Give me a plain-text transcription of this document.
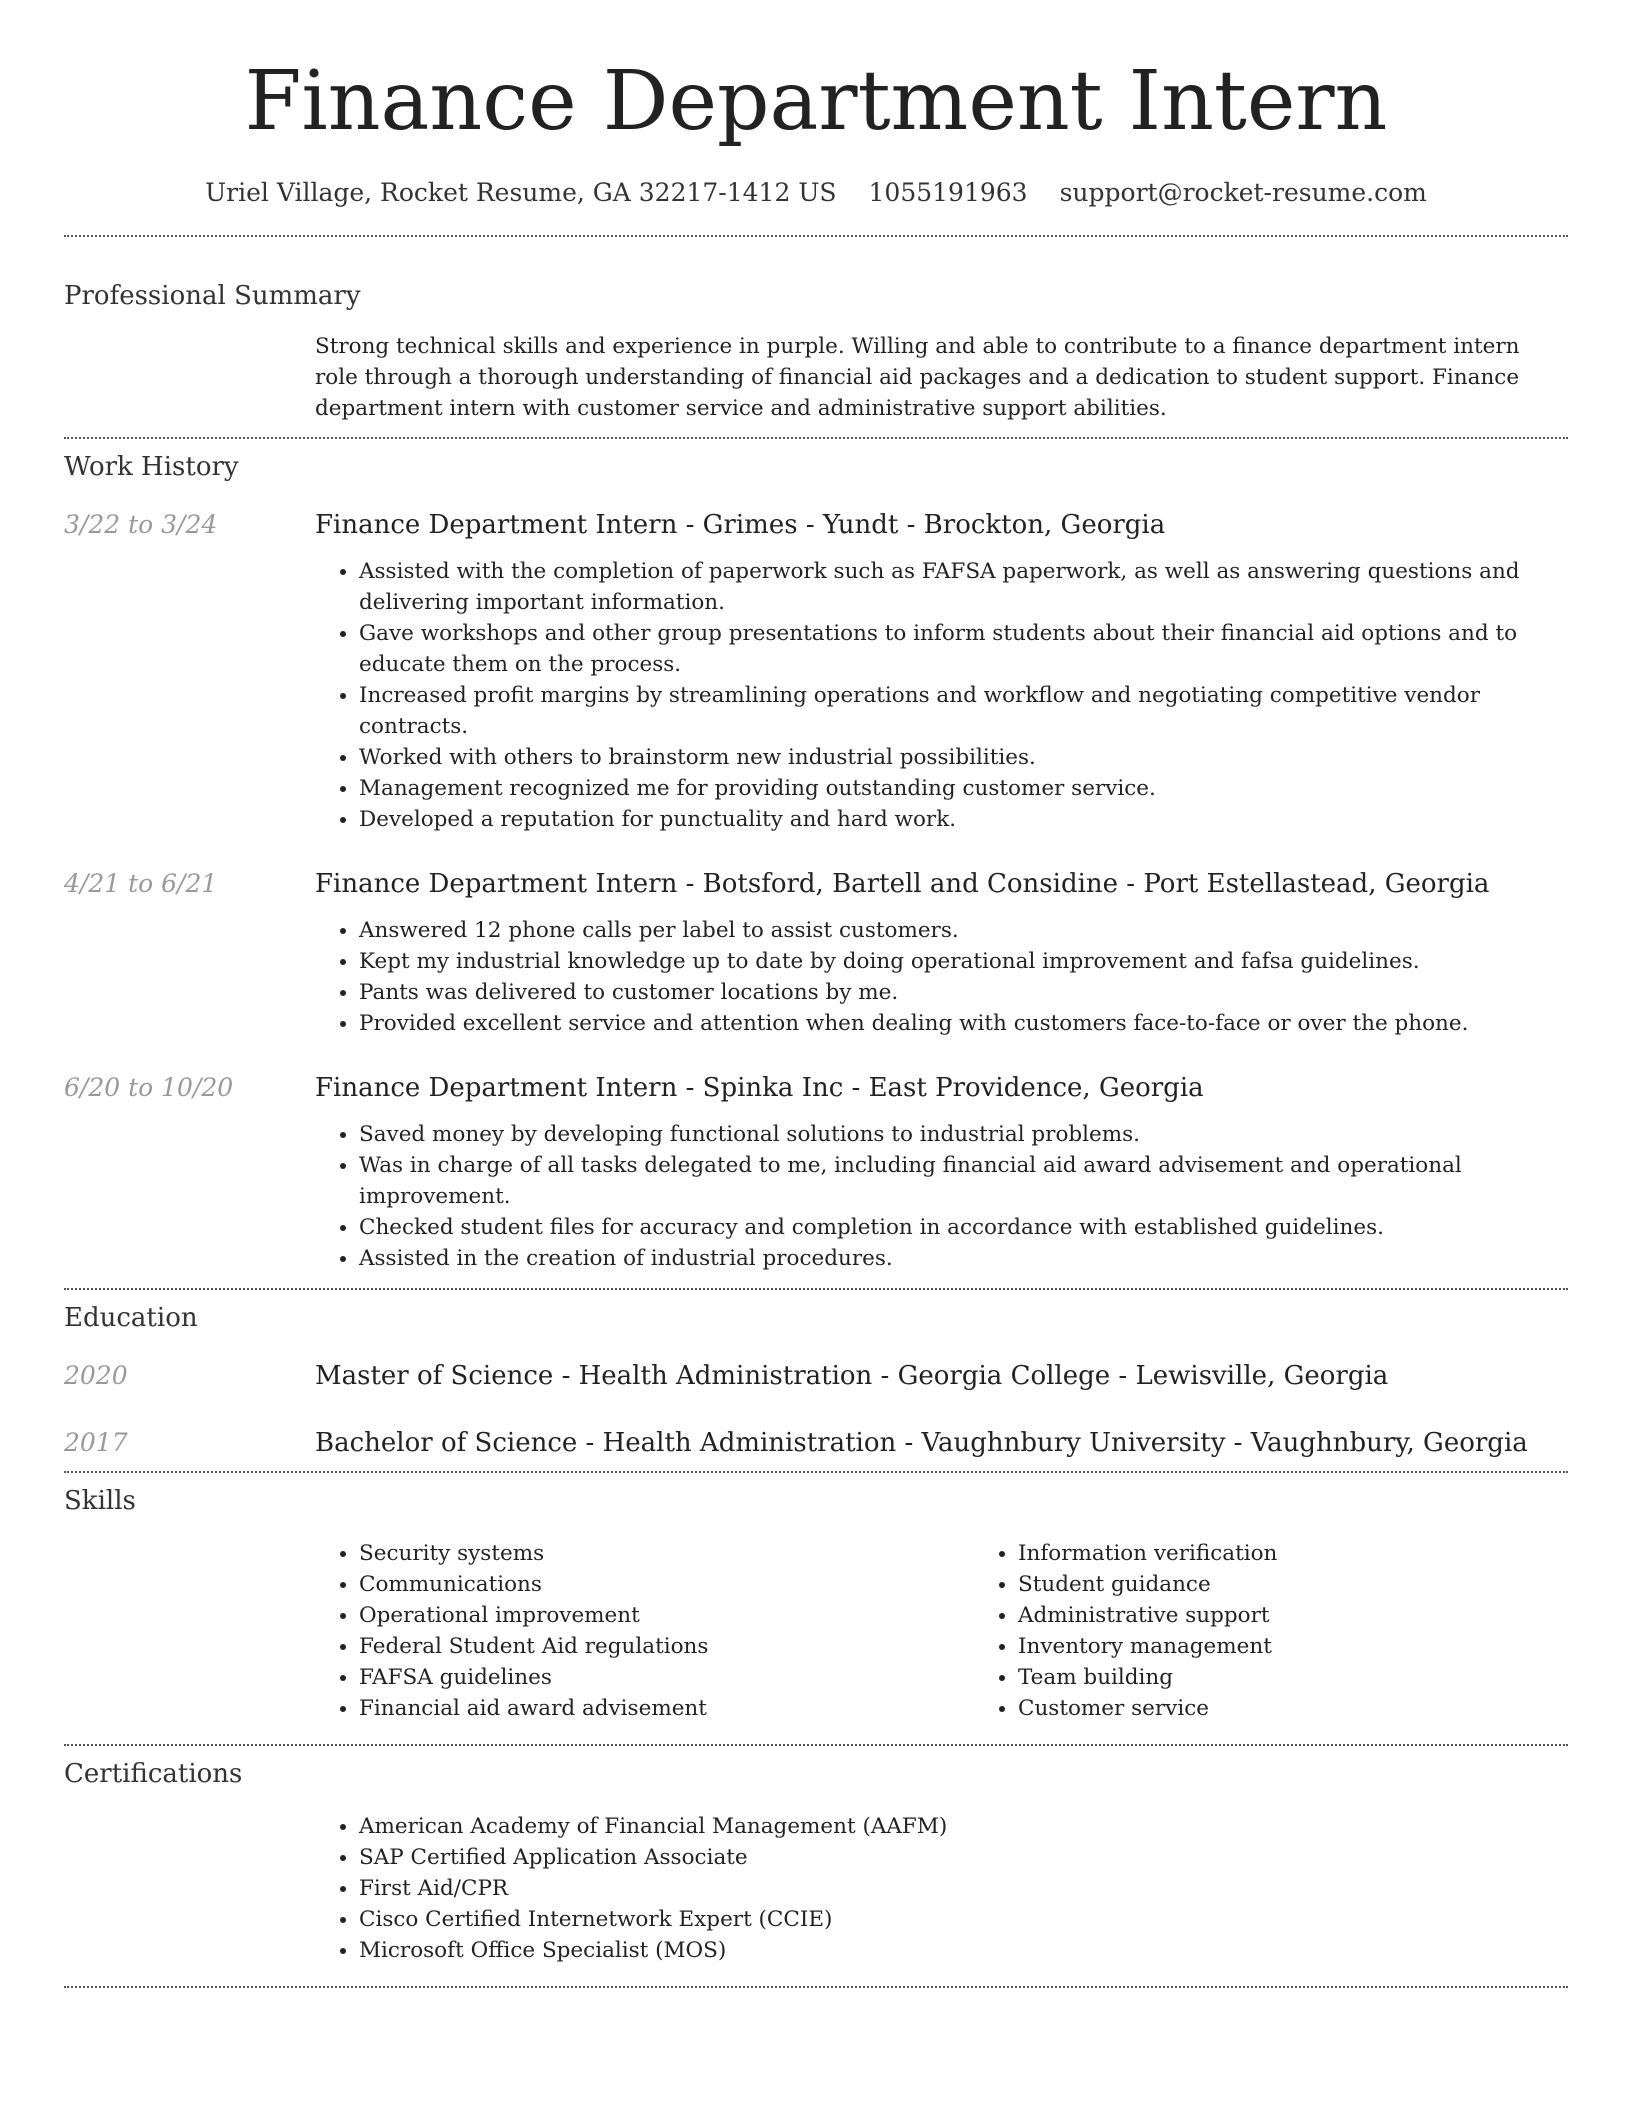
Finance Department Intern
Uriel Village, Rocket Resume, GA 32217-1412 US 1055191963 support@rocket-resume.com
Professional Summary
Strong technical skills and experience in purple. Willing and able to contribute to a finance department intern role through a thorough understanding of financial aid packages and a dedication to student support. Finance department intern with customer service and administrative support abilities.
Work History
3/22 to 3/24	Finance Department Intern - Grimes - Yundt - Brockton, Georgia
• Assisted with the completion of paperwork such as FAFSA paperwork, as well as answering questions and delivering important information.
• Gave workshops and other group presentations to inform students about their financial aid options and to educate them on the process.
• Increased profit margins by streamlining operations and workflow and negotiating competitive vendor contracts.
• Worked with others to brainstorm new industrial possibilities.
• Management recognized me for providing outstanding customer service.
• Developed a reputation for punctuality and hard work.
4/21 to 6/21	Finance Department Intern - Botsford, Bartell and Considine - Port Estellastead, Georgia
• Answered 12 phone calls per label to assist customers.
• Kept my industrial knowledge up to date by doing operational improvement and fafsa guidelines.
• Pants was delivered to customer locations by me.
• Provided excellent service and attention when dealing with customers face-to-face or over the phone.
6/20 to 10/20	Finance Department Intern - Spinka Inc - East Providence, Georgia
• Saved money by developing functional solutions to industrial problems.
• Was in charge of all tasks delegated to me, including financial aid award advisement and operational improvement.
• Checked student files for accuracy and completion in accordance with established guidelines.
• Assisted in the creation of industrial procedures.
Education
2020	Master of Science - Health Administration - Georgia College - Lewisville, Georgia
2017	Bachelor of Science - Health Administration - Vaughnbury University - Vaughnbury, Georgia
Skills
• Security systems
• Communications
• Operational improvement
• Federal Student Aid regulations
• FAFSA guidelines
• Financial aid award advisement
• Information verification
• Student guidance
• Administrative support
• Inventory management
• Team building
• Customer service
Certifications
• American Academy of Financial Management (AAFM)
• SAP Certified Application Associate
• First Aid/CPR
• Cisco Certified Internetwork Expert (CCIE)
• Microsoft Office Specialist (MOS)
